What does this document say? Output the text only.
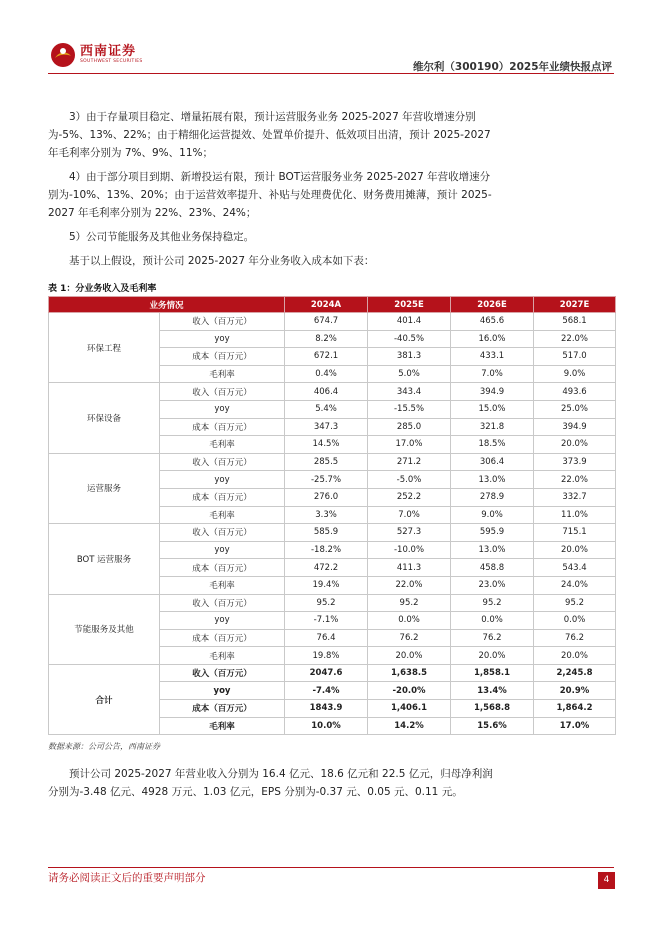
西南证券
SOUTHWEST SECURITIES	维尔利（300190）2025年业绩快报点评

3）由于存量项目稳定、增量拓展有限，预计运营服务业务 2025-2027 年营收增速分别为-5%、13%、22%；由于精细化运营提效、处置单价提升、低效项目出清，预计 2025-2027 年毛利率分别为 7%、9%、11%；

4）由于部分项目到期、新增投运有限，预计 BOT运营服务业务 2025-2027 年营收增速分别为-10%、13%、20%；由于运营效率提升、补贴与处理费优化、财务费用摊薄，预计 2025-2027 年毛利率分别为 22%、23%、24%；

5）公司节能服务及其他业务保持稳定。

基于以上假设，预计公司 2025-2027 年分业务收入成本如下表：

表 1：分业务收入及毛利率
业务情况		2024A	2025E	2026E	2027E
环保工程	收入（百万元）	674.7	401.4	465.6	568.1
	yoy	8.2%	-40.5%	16.0%	22.0%
	成本（百万元）	672.1	381.3	433.1	517.0
	毛利率	0.4%	5.0%	7.0%	9.0%
环保设备	收入（百万元）	406.4	343.4	394.9	493.6
	yoy	5.4%	-15.5%	15.0%	25.0%
	成本（百万元）	347.3	285.0	321.8	394.9
	毛利率	14.5%	17.0%	18.5%	20.0%
运营服务	收入（百万元）	285.5	271.2	306.4	373.9
	yoy	-25.7%	-5.0%	13.0%	22.0%
	成本（百万元）	276.0	252.2	278.9	332.7
	毛利率	3.3%	7.0%	9.0%	11.0%
BOT 运营服务	收入（百万元）	585.9	527.3	595.9	715.1
	yoy	-18.2%	-10.0%	13.0%	20.0%
	成本（百万元）	472.2	411.3	458.8	543.4
	毛利率	19.4%	22.0%	23.0%	24.0%
节能服务及其他	收入（百万元）	95.2	95.2	95.2	95.2
	yoy	-7.1%	0.0%	0.0%	0.0%
	成本（百万元）	76.4	76.2	76.2	76.2
	毛利率	19.8%	20.0%	20.0%	20.0%
合计	收入（百万元）	2047.6	1,638.5	1,858.1	2,245.8
	yoy	-7.4%	-20.0%	13.4%	20.9%
	成本（百万元）	1843.9	1,406.1	1,568.8	1,864.2
	毛利率	10.0%	14.2%	15.6%	17.0%
数据来源：公司公告，西南证券

预计公司 2025-2027 年营业收入分别为 16.4 亿元、18.6 亿元和 22.5 亿元，归母净利润分别为-3.48 亿元、4928 万元、1.03 亿元，EPS 分别为-0.37 元、0.05 元、0.11 元。

请务必阅读正文后的重要声明部分	4
